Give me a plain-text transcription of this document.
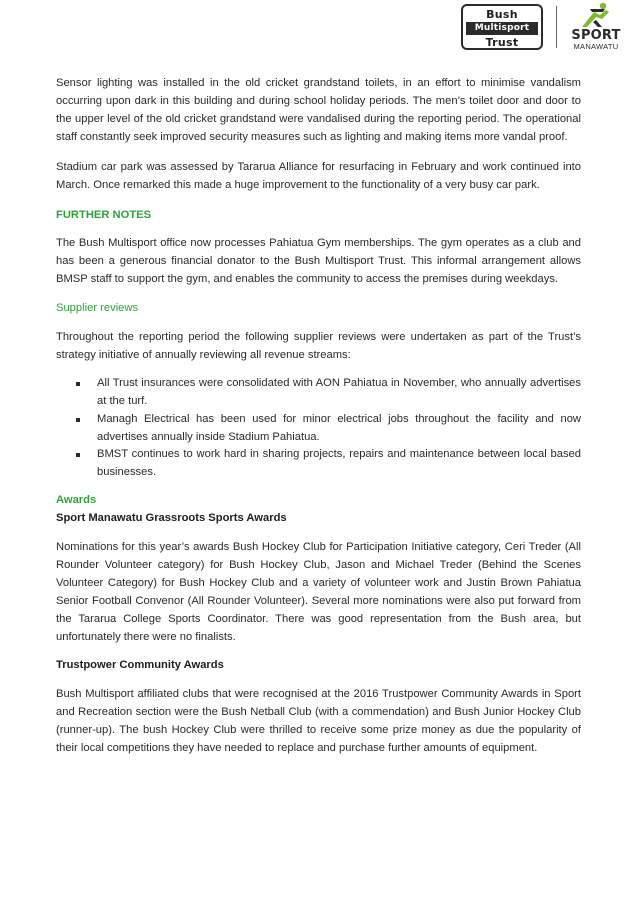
Bush
Multisport
Trust	SPORT
MANAWATU

Sensor lighting was installed in the old cricket grandstand toilets, in an effort to minimise vandalism occurring upon dark in this building and during school holiday periods. The men’s toilet door and door to the upper level of the old cricket grandstand were vandalised during the reporting period. The operational staff constantly seek improved security measures such as lighting and making items more vandal proof.

Stadium car park was assessed by Tararua Alliance for resurfacing in February and work continued into March. Once remarked this made a huge improvement to the functionality of a very busy car park.

FURTHER NOTES

The Bush Multisport office now processes Pahiatua Gym memberships. The gym operates as a club and has been a generous financial donator to the Bush Multisport Trust. This informal arrangement allows BMSP staff to support the gym, and enables the community to access the premises during weekdays.

Supplier reviews

Throughout the reporting period the following supplier reviews were undertaken as part of the Trust’s strategy initiative of annually reviewing all revenue streams:

All Trust insurances were consolidated with AON Pahiatua in November, who annually advertises at the turf.
Managh Electrical has been used for minor electrical jobs throughout the facility and now advertises annually inside Stadium Pahiatua.
BMST continues to work hard in sharing projects, repairs and maintenance between local based businesses.
Awards
Sport Manawatu Grassroots Sports Awards

Nominations for this year’s awards Bush Hockey Club for Participation Initiative category, Ceri Treder (All Rounder Volunteer category) for Bush Hockey Club, Jason and Michael Treder (Behind the Scenes Volunteer Category) for Bush Hockey Club and a variety of volunteer work and Justin Brown Pahiatua Senior Football Convenor (All Rounder Volunteer). Several more nominations were also put forward from the Tararua College Sports Coordinator. There was good representation from the Bush area, but unfortunately there were no finalists.

Trustpower Community Awards

Bush Multisport affiliated clubs that were recognised at the 2016 Trustpower Community Awards in Sport and Recreation section were the Bush Netball Club (with a commendation) and Bush Junior Hockey Club (runner-up). The bush Hockey Club were thrilled to receive some prize money as due the popularity of their local competitions they have needed to replace and purchase further amounts of equipment.
